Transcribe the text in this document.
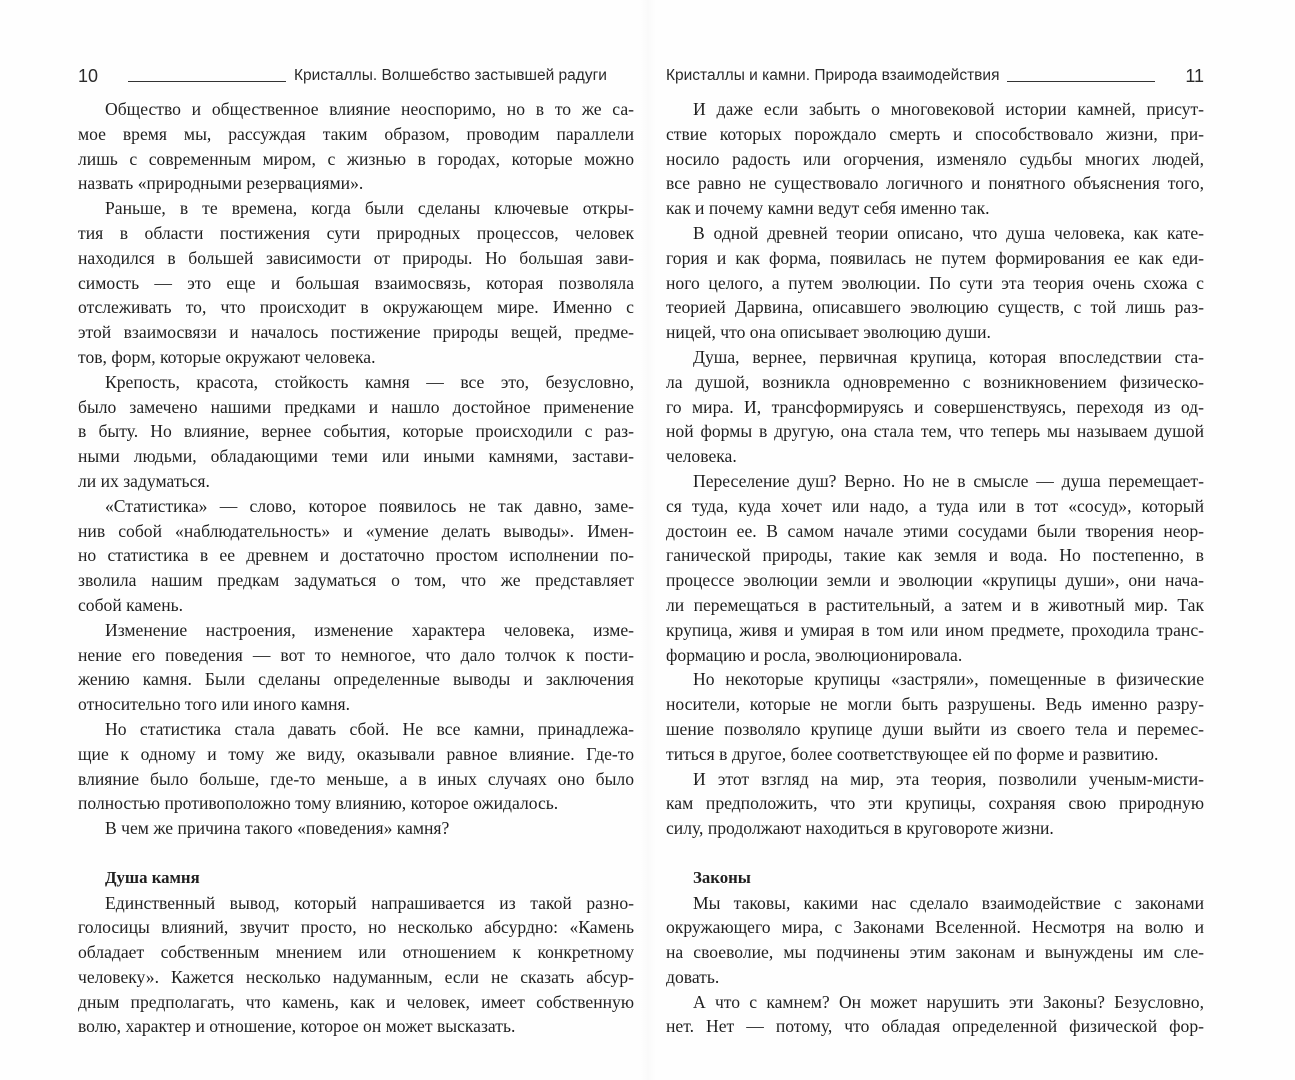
10	Кристаллы. Волшебство застывшей радуги
Общество и общественное влияние неоспоримо, но в то же са-
мое время мы, рассуждая таким образом, проводим параллели
лишь с современным миром, с жизнью в городах, которые можно
назвать «природными резервациями».
Раньше, в те времена, когда были сделаны ключевые откры-
тия в области постижения сути природных процессов, человек
находился в большей зависимости от природы. Но большая зави-
симость — это еще и большая взаимосвязь, которая позволяла
отслеживать то, что происходит в окружающем мире. Именно с
этой взаимосвязи и началось постижение природы вещей, предме-
тов, форм, которые окружают человека.
Крепость, красота, стойкость камня — все это, безусловно,
было замечено нашими предками и нашло достойное применение
в быту. Но влияние, вернее события, которые происходили с раз-
ными людьми, обладающими теми или иными камнями, застави-
ли их задуматься.
«Статистика» — слово, которое появилось не так давно, заме-
нив собой «наблюдательность» и «умение делать выводы». Имен-
но статистика в ее древнем и достаточно простом исполнении по-
зволила нашим предкам задуматься о том, что же представляет
собой камень.
Изменение настроения, изменение характера человека, изме-
нение его поведения — вот то немногое, что дало толчок к пости-
жению камня. Были сделаны определенные выводы и заключения
относительно того или иного камня.
Но статистика стала давать сбой. Не все камни, принадлежа-
щие к одному и тому же виду, оказывали равное влияние. Где-то
влияние было больше, где-то меньше, а в иных случаях оно было
полностью противоположно тому влиянию, которое ожидалось.
В чем же причина такого «поведения» камня?
Душа камня
Единственный вывод, который напрашивается из такой разно-
голосицы влияний, звучит просто, но несколько абсурдно: «Камень
обладает собственным мнением или отношением к конкретному
человеку». Кажется несколько надуманным, если не сказать абсур-
дным предполагать, что камень, как и человек, имеет собственную
волю, характер и отношение, которое он может высказать.
Кристаллы и камни. Природа взаимодействия	11
И даже если забыть о многовековой истории камней, присут-
ствие которых порождало смерть и способствовало жизни, при-
носило радость или огорчения, изменяло судьбы многих людей,
все равно не существовало логичного и понятного объяснения того,
как и почему камни ведут себя именно так.
В одной древней теории описано, что душа человека, как кате-
гория и как форма, появилась не путем формирования ее как еди-
ного целого, а путем эволюции. По сути эта теория очень схожа с
теорией Дарвина, описавшего эволюцию существ, с той лишь раз-
ницей, что она описывает эволюцию души.
Душа, вернее, первичная крупица, которая впоследствии ста-
ла душой, возникла одновременно с возникновением физическо-
го мира. И, трансформируясь и совершенствуясь, переходя из од-
ной формы в другую, она стала тем, что теперь мы называем душой
человека.
Переселение душ? Верно. Но не в смысле — душа перемещает-
ся туда, куда хочет или надо, а туда или в тот «сосуд», который
достоин ее. В самом начале этими сосудами были творения неор-
ганической природы, такие как земля и вода. Но постепенно, в
процессе эволюции земли и эволюции «крупицы души», они нача-
ли перемещаться в растительный, а затем и в животный мир. Так
крупица, живя и умирая в том или ином предмете, проходила транс-
формацию и росла, эволюционировала.
Но некоторые крупицы «застряли», помещенные в физические
носители, которые не могли быть разрушены. Ведь именно разру-
шение позволяло крупице души выйти из своего тела и перемес-
титься в другое, более соответствующее ей по форме и развитию.
И этот взгляд на мир, эта теория, позволили ученым-мисти-
кам предположить, что эти крупицы, сохраняя свою природную
силу, продолжают находиться в круговороте жизни.
Законы
Мы таковы, какими нас сделало взаимодействие с законами
окружающего мира, с Законами Вселенной. Несмотря на волю и
на своеволие, мы подчинены этим законам и вынуждены им сле-
довать.
А что с камнем? Он может нарушить эти Законы? Безусловно,
нет. Нет — потому, что обладая определенной физической фор-
